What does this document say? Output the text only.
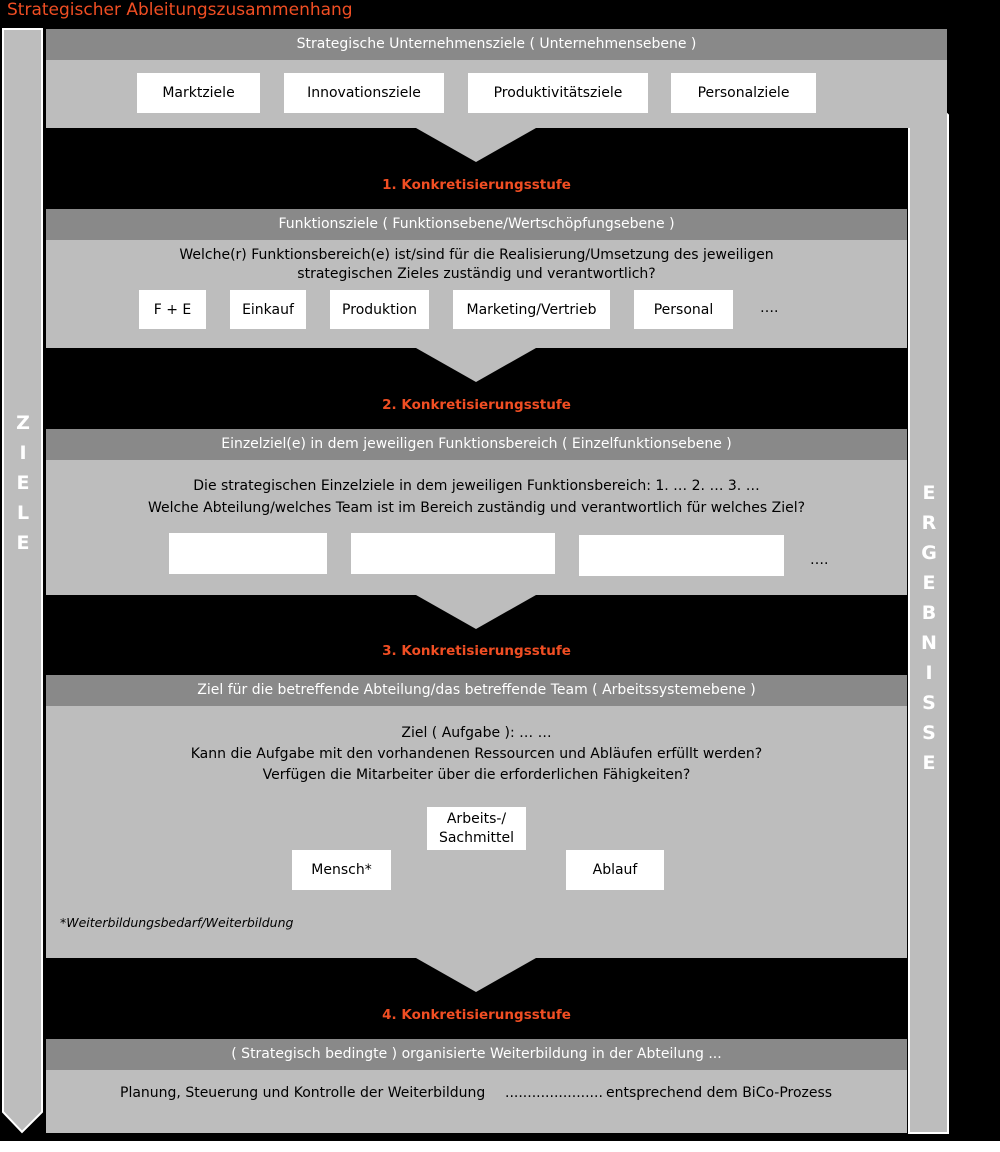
Strategischer Ableitungszusammenhang
Z
I
E
L
E
E
R
G
E
B
N
I
S
S
E
Strategische Unternehmensziele ( Unternehmensebene )
Marktziele	Innovationsziele	Produktivitätsziele	Personalziele
1. Konkretisierungsstufe
Funktionsziele ( Funktionsebene/Wertschöpfungsebene )
Welche(r) Funktionsbereich(e) ist/sind für die Realisierung/Umsetzung des jeweiligen
strategischen Zieles zuständig und verantwortlich?
F + E	Einkauf	Produktion	Marketing/Vertrieb	Personal	….
2. Konkretisierungsstufe
Einzelziel(e) in dem jeweiligen Funktionsbereich ( Einzelfunktionsebene )
Die strategischen Einzelziele in dem jeweiligen Funktionsbereich: 1. … 2. … 3. …
Welche Abteilung/welches Team ist im Bereich zuständig und verantwortlich für welches Ziel?
….
3. Konkretisierungsstufe
Ziel für die betreffende Abteilung/das betreffende Team ( Arbeitssystemebene )
Ziel ( Aufgabe ): … …
Kann die Aufgabe mit den vorhandenen Ressourcen und Abläufen erfüllt werden?
Verfügen die Mitarbeiter über die erforderlichen Fähigkeiten?
Arbeits-/
Sachmittel
Mensch*	Ablauf
*Weiterbildungsbedarf/Weiterbildung
4. Konkretisierungsstufe
( Strategisch bedingte ) organisierte Weiterbildung in der Abteilung ...
Planung, Steuerung und Kontrolle der Weiterbildung ...................... entsprechend dem BiCo-Prozess
